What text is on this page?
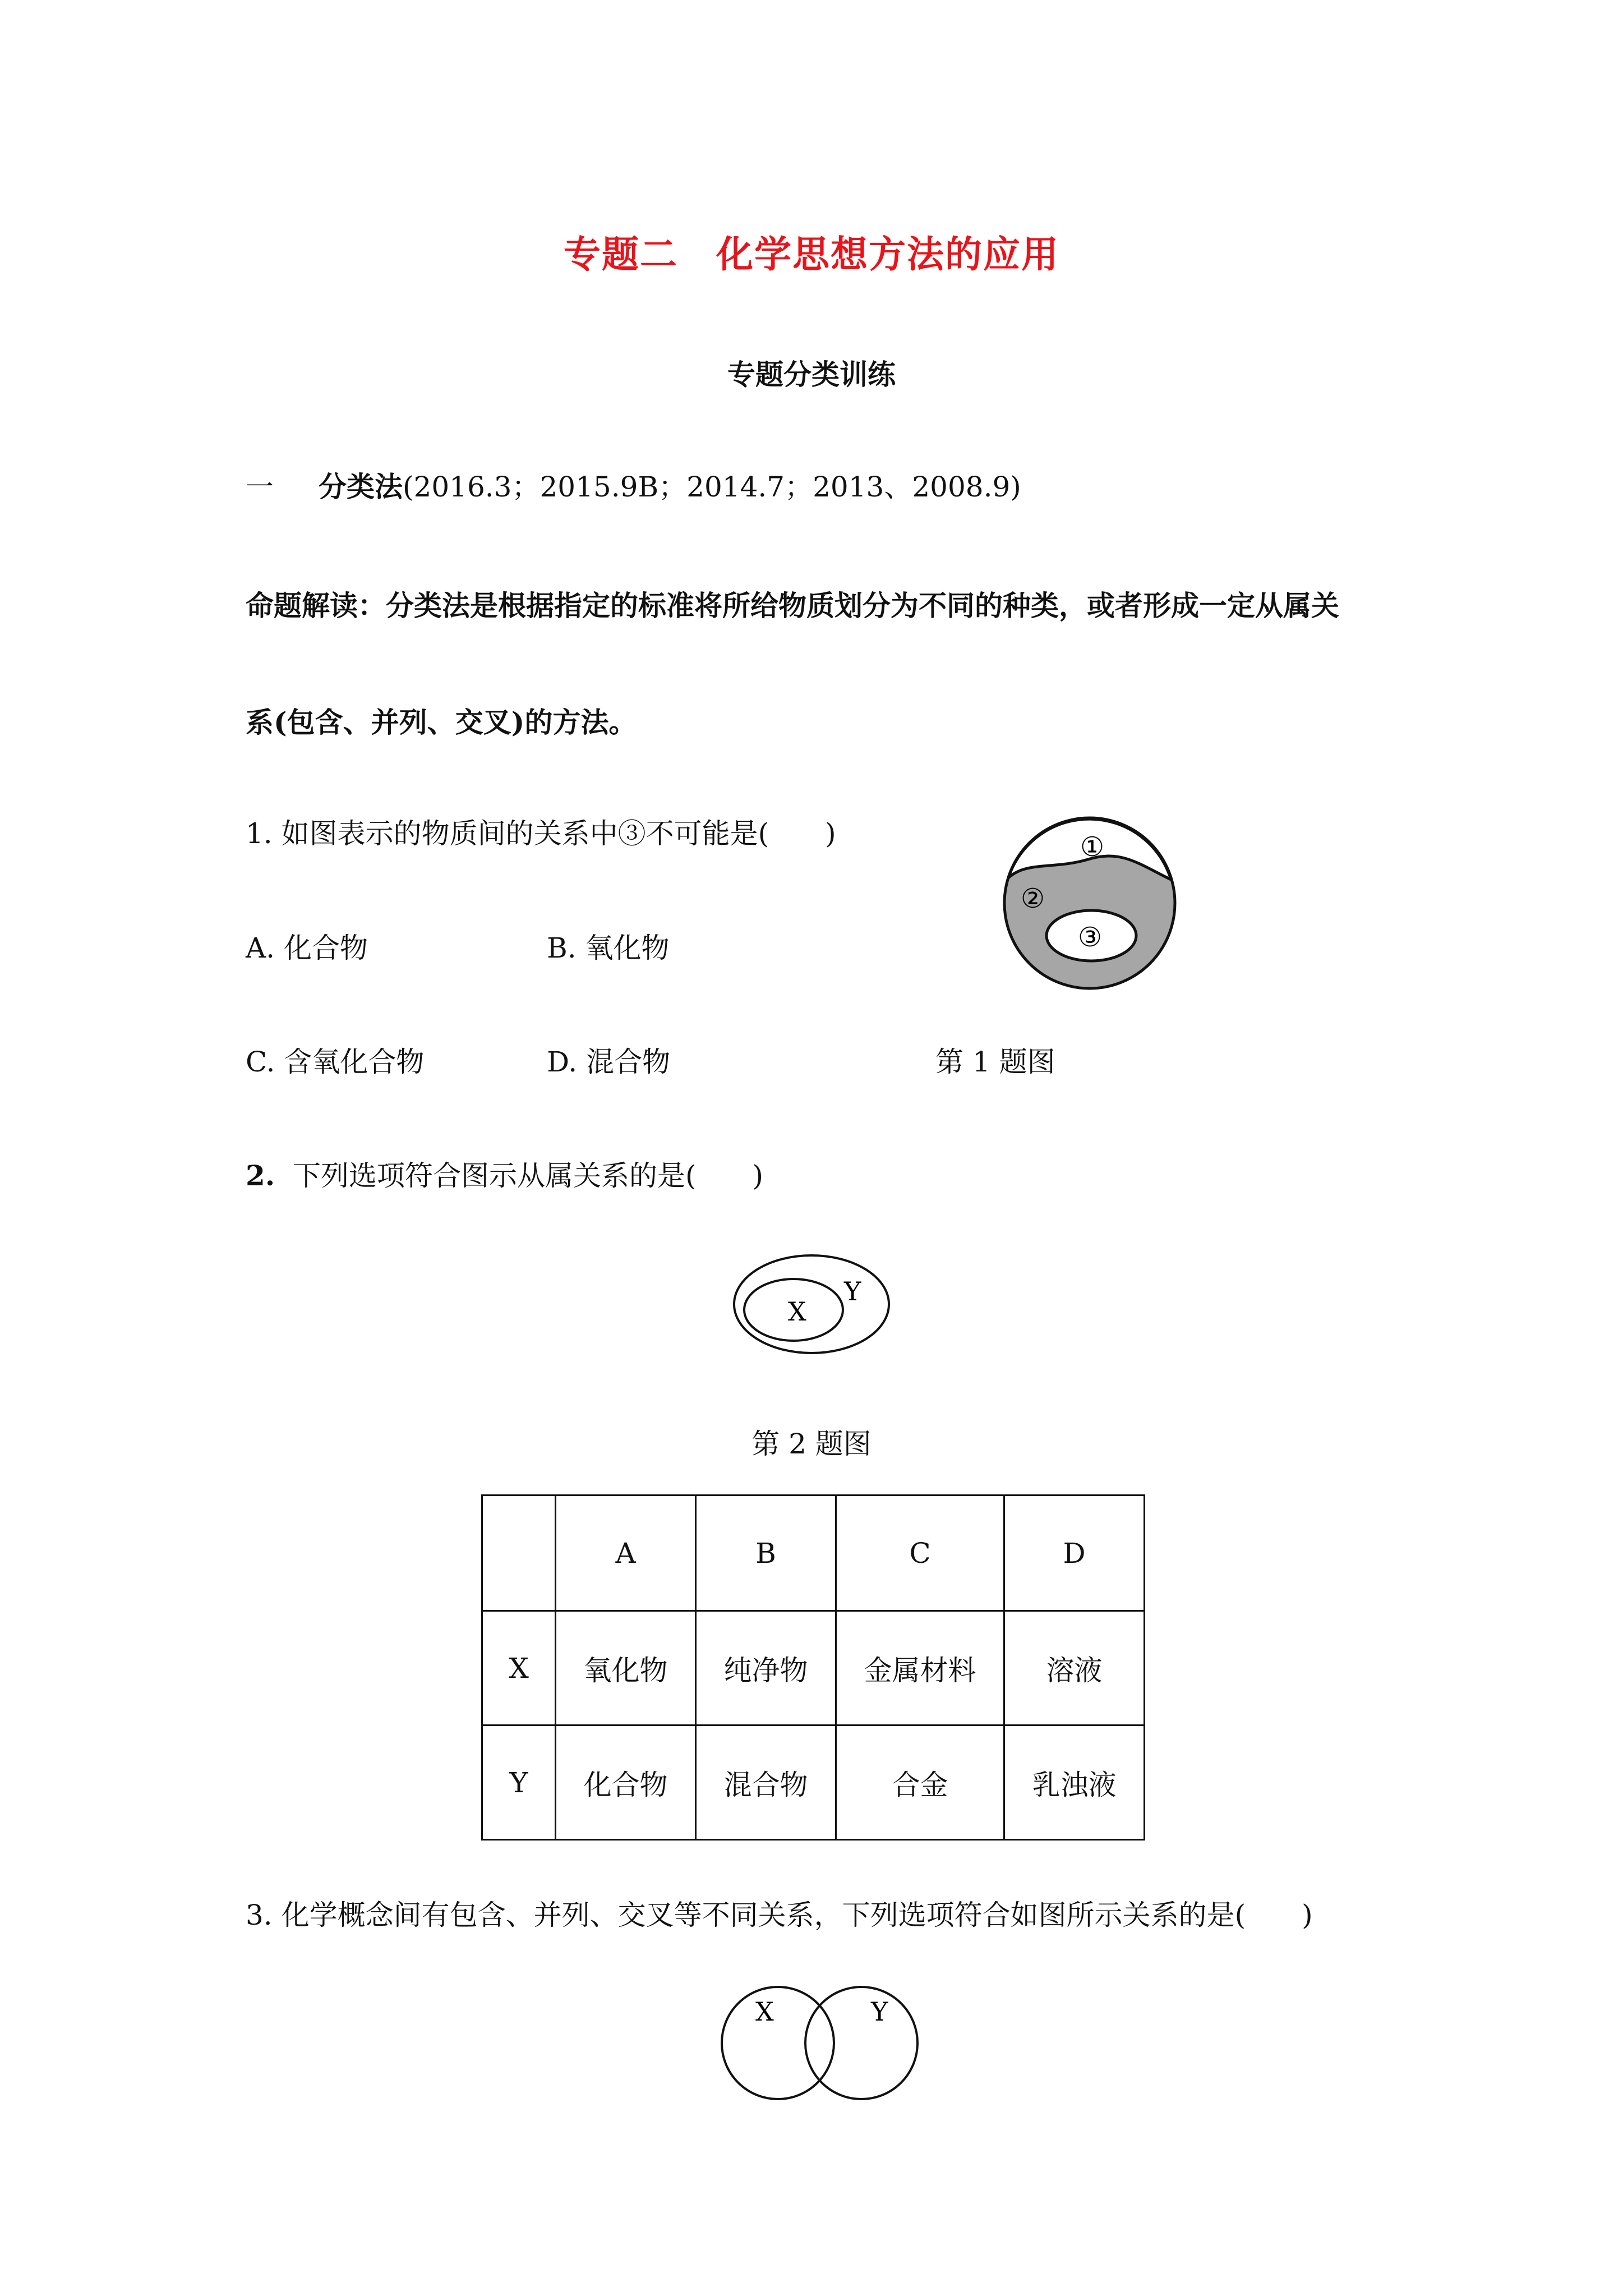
专题二　化学思想方法的应用
专题分类训练
一 分类法(2016.3；2015.9B；2014.7；2013、2008.9)
命题解读：分类法是根据指定的标准将所给物质划分为不同的种类，或者形成一定从属关
系(包含、并列、交叉)的方法。
1. 如图表示的物质间的关系中③不可能是(　　)
A. 化合物	B. 氧化物
C. 含氧化合物	D. 混合物	第 1 题图
①
②
③
2. 下列选项符合图示从属关系的是(　　)
X
Y
第 2 题图
	A	B	C	D
X	氧化物	纯净物	金属材料	溶液
Y	化合物	混合物	合金	乳浊液
3. 化学概念间有包含、并列、交叉等不同关系，下列选项符合如图所示关系的是(　　)
X	Y
